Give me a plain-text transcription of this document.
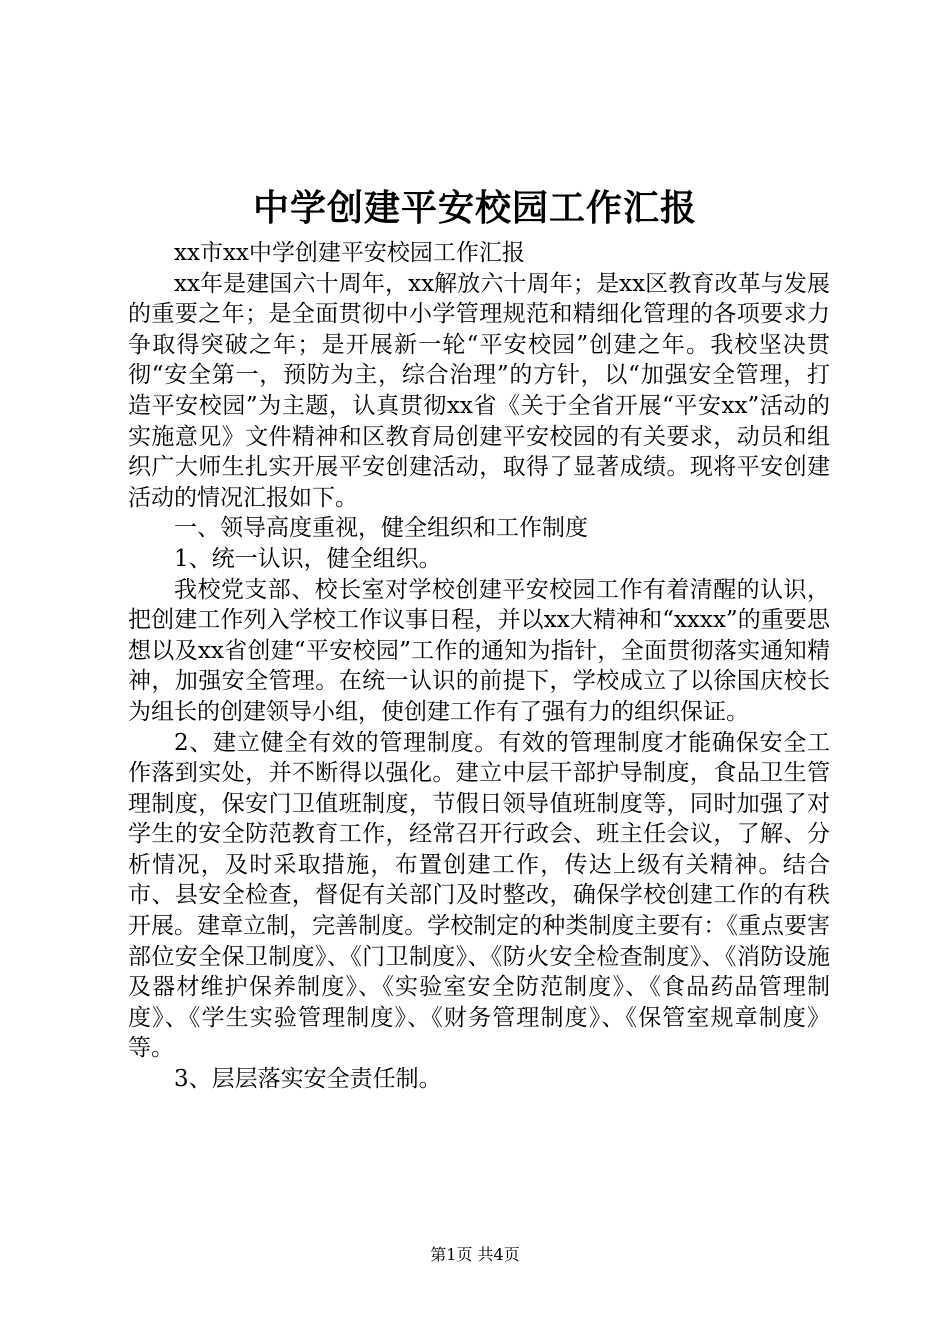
中学创建平安校园工作汇报

xx市xx中学创建平安校园工作汇报

xx年是建国六十周年，xx解放六十周年；是xx区教育改革与发展的重要之年；是全面贯彻中小学管理规范和精细化管理的各项要求力争取得突破之年；是开展新一轮“平安校园”创建之年。我校坚决贯彻“安全第一，预防为主，综合治理”的方针，以“加强安全管理，打造平安校园”为主题，认真贯彻xx省《关于全省开展“平安xx”活动的实施意见》文件精神和区教育局创建平安校园的有关要求，动员和组织广大师生扎实开展平安创建活动，取得了显著成绩。现将平安创建活动的情况汇报如下。

一、领导高度重视，健全组织和工作制度

1、统一认识，健全组织。

我校党支部、校长室对学校创建平安校园工作有着清醒的认识，把创建工作列入学校工作议事日程，并以xx大精神和“xxxx”的重要思想以及xx省创建“平安校园”工作的通知为指针，全面贯彻落实通知精神，加强安全管理。在统一认识的前提下，学校成立了以徐国庆校长为组长的创建领导小组，使创建工作有了强有力的组织保证。

2、建立健全有效的管理制度。有效的管理制度才能确保安全工作落到实处，并不断得以强化。建立中层干部护导制度，食品卫生管理制度，保安门卫值班制度，节假日领导值班制度等，同时加强了对学生的安全防范教育工作，经常召开行政会、班主任会议，了解、分析情况，及时采取措施，布置创建工作，传达上级有关精神。结合市、县安全检查，督促有关部门及时整改，确保学校创建工作的有秩开展。建章立制，完善制度。学校制定的种类制度主要有：《重点要害部位安全保卫制度》、《门卫制度》、《防火安全检查制度》、《消防设施及器材维护保养制度》、《实验室安全防范制度》、《食品药品管理制度》、《学生实验管理制度》、《财务管理制度》、《保管室规章制度》等。

3、层层落实安全责任制。

第1页 共4页
